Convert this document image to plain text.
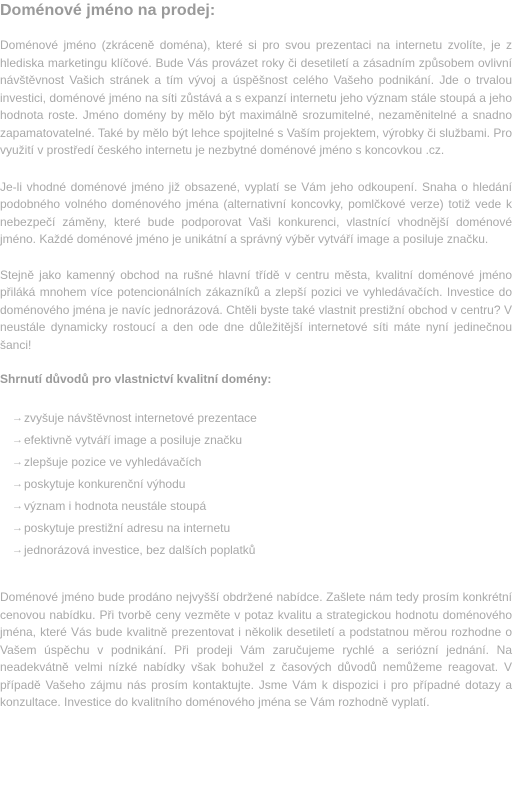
Doménové jméno na prodej:

Doménové jméno (zkráceně doména), které si pro svou prezentaci na internetu zvolíte, je z hlediska marketingu klíčové. Bude Vás provázet roky či desetiletí a zásadním způsobem ovlivní návštěvnost Vašich stránek a tím vývoj a úspěšnost celého Vašeho podnikání. Jde o trvalou investici, doménové jméno na síti zůstává a s expanzí internetu jeho význam stále stoupá a jeho hodnota roste. Jméno domény by mělo být maximálně srozumitelné, nezaměnitelné a snadno zapamatovatelné. Také by mělo být lehce spojitelné s Vaším projektem, výrobky či službami. Pro využití v prostředí českého internetu je nezbytné doménové jméno s koncovkou .cz.

Je-li vhodné doménové jméno již obsazené, vyplatí se Vám jeho odkoupení. Snaha o hledání podobného volného doménového jména (alternativní koncovky, pomlčkové verze) totiž vede k nebezpečí záměny, které bude podporovat Vaši konkurenci, vlastnící vhodnější doménové jméno. Každé doménové jméno je unikátní a správný výběr vytváří image a posiluje značku.

Stejně jako kamenný obchod na rušné hlavní třídě v centru města, kvalitní doménové jméno přiláká mnohem více potencionálních zákazníků a zlepší pozici ve vyhledávačích. Investice do doménového jména je navíc jednorázová. Chtěli byste také vlastnit prestižní obchod v centru? V neustále dynamicky rostoucí a den ode dne důležitější internetové síti máte nyní jedinečnou šanci!

Shrnutí důvodů pro vlastnictví kvalitní domény:
→ zvyšuje návštěvnost internetové prezentace
→ efektivně vytváří image a posiluje značku
→ zlepšuje pozice ve vyhledávačích
→ poskytuje konkurenční výhodu
→ význam i hodnota neustále stoupá
→ poskytuje prestižní adresu na internetu
→ jednorázová investice, bez dalších poplatků

Doménové jméno bude prodáno nejvyšší obdržené nabídce. Zašlete nám tedy prosím konkrétní cenovou nabídku. Při tvorbě ceny vezměte v potaz kvalitu a strategickou hodnotu doménového jména, které Vás bude kvalitně prezentovat i několik desetiletí a podstatnou měrou rozhodne o Vašem úspěchu v podnikání. Při prodeji Vám zaručujeme rychlé a seriózní jednání. Na neadekvátně velmi nízké nabídky však bohužel z časových důvodů nemůžeme reagovat. V případě Vašeho zájmu nás prosím kontaktujte. Jsme Vám k dispozici i pro případné dotazy a konzultace. Investice do kvalitního doménového jména se Vám rozhodně vyplatí.
